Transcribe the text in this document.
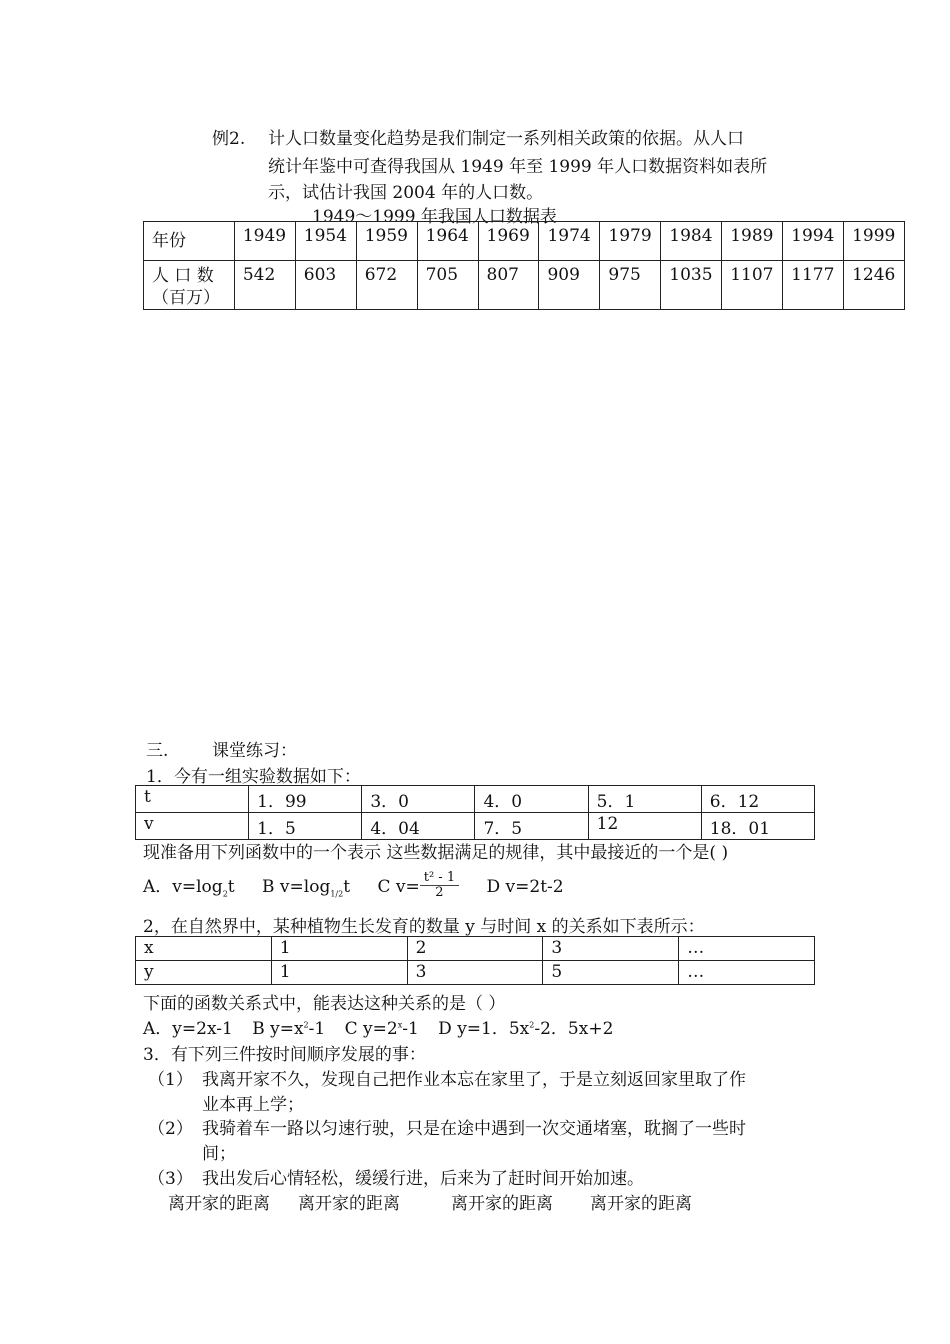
例2. 计人口数量变化趋势是我们制定一系列相关政策的依据。从人口
统计年鉴中可查得我国从 1949 年至 1999 年人口数据资料如表所
示，试估计我国 2004 年的人口数。
1949～1999 年我国人口数据表
年份	1949	1954	1959	1964	1969	1974	1979	1984	1989	1994	1999

人 口 数
（百万）	542	603	672	705	807	909	975	1035	1107	1177	1246
三.	课堂练习：
1．今有一组实验数据如下：
t	1．99	3．0	4．0	5．1	6．12
v	1．5	4．04	7．5	12	18．01
现准备用下列函数中的一个表示 这些数据满足的规律，其中最接近的一个是( )
A．$v=\log_2t$ B $v=\log_{1/2}t$ C $v= \frac{\text{t² - 1}}{2}$ D v=2t-2
2，在自然界中，某种植物生长发育的数量 y 与时间 x 的关系如下表所示：
x	1	2	3	…
y	1	3	5	…
下面的函数关系式中，能表达这种关系的是（ ）
A．y=2x-1 B $y=x^2-1$ C $y=2^x-1$ D y=1．$5x^2-2$．5x+2
3．有下列三件按时间顺序发展的事：
（1） 我离开家不久，发现自己把作业本忘在家里了，于是立刻返回家里取了作
业本再上学；
（2） 我骑着车一路以匀速行驶，只是在途中遇到一次交通堵塞，耽搁了一些时
间；
（3） 我出发后心情轻松，缓缓行进，后来为了赶时间开始加速。
离开家的距离 离开家的距离	离开家的距离 离开家的距离
